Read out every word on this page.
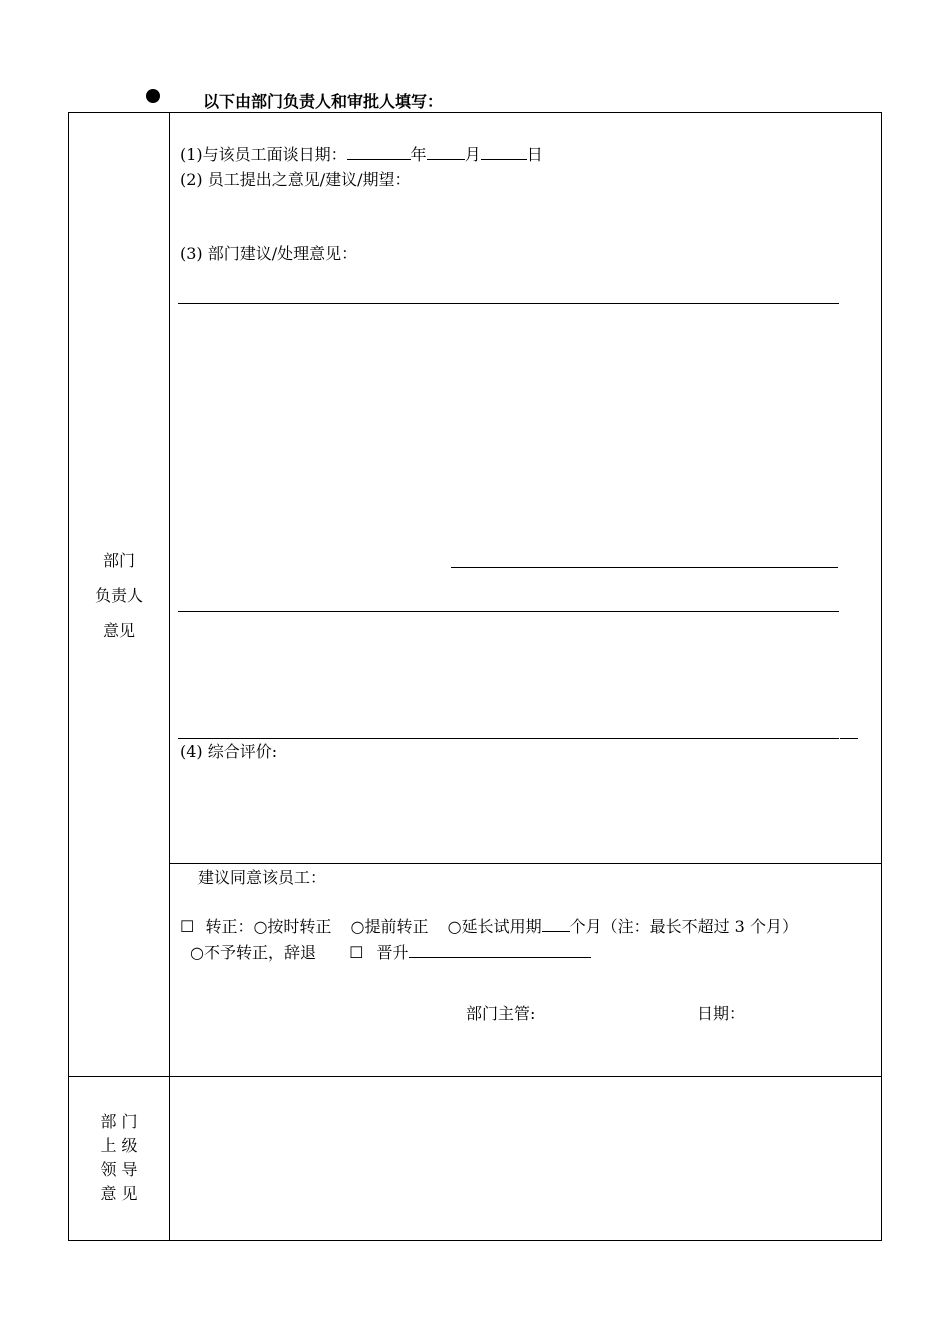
以下由部门负责人和审批人填写：
部门
负责人
意见
(1)与该员工面谈日期：	年 月	日
(2) 员工提出之意见/建议/期望：
(3) 部门建议/处理意见：
(4) 综合评价:
建议同意该员工：
☐ 转正：○按时转正 ○提前转正 ○延长试用期 个月（注：最长不超过 3 个月）
○不予转正，辞退 ☐ 晋升
部门主管:	日期：
部 门
上 级
领 导
意 见
